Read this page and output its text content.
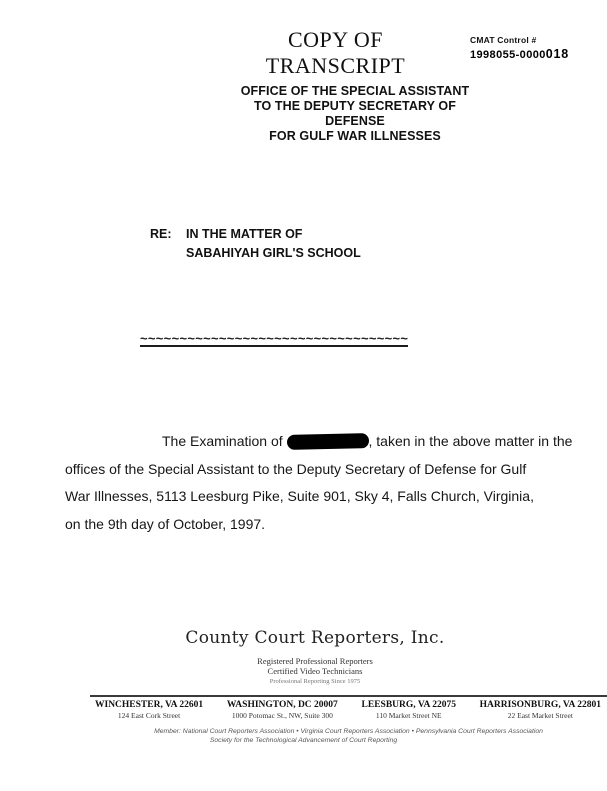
COPY OF TRANSCRIPT
CMAT Control #
1998055-0000018
OFFICE OF THE SPECIAL ASSISTANT
TO THE DEPUTY SECRETARY OF DEFENSE
FOR GULF WAR ILLNESSES
RE:	IN THE MATTER OF
SABAHIYAH GIRL'S SCHOOL
~~~~~~~~~~~~~~~~~~~~~~~~~~~~~~~~~~
The Examination of	, taken in the above matter in the
offices of the Special Assistant to the Deputy Secretary of Defense for Gulf
War Illnesses, 5113 Leesburg Pike, Suite 901, Sky 4, Falls Church, Virginia,
on the 9th day of October, 1997.
County Court Reporters, Inc.
Registered Professional Reporters
Certified Video Technicians
Professional Reporting Since 1975
WINCHESTER, VA 22601
124 East Cork Street
WASHINGTON, DC 20007
1000 Potomac St., NW, Suite 300
LEESBURG, VA 22075
110 Market Street NE
HARRISONBURG, VA 22801
22 East Market Street
Member: National Court Reporters Association • Virginia Court Reporters Association • Pennsylvania Court Reporters Association
Society for the Technological Advancement of Court Reporting
